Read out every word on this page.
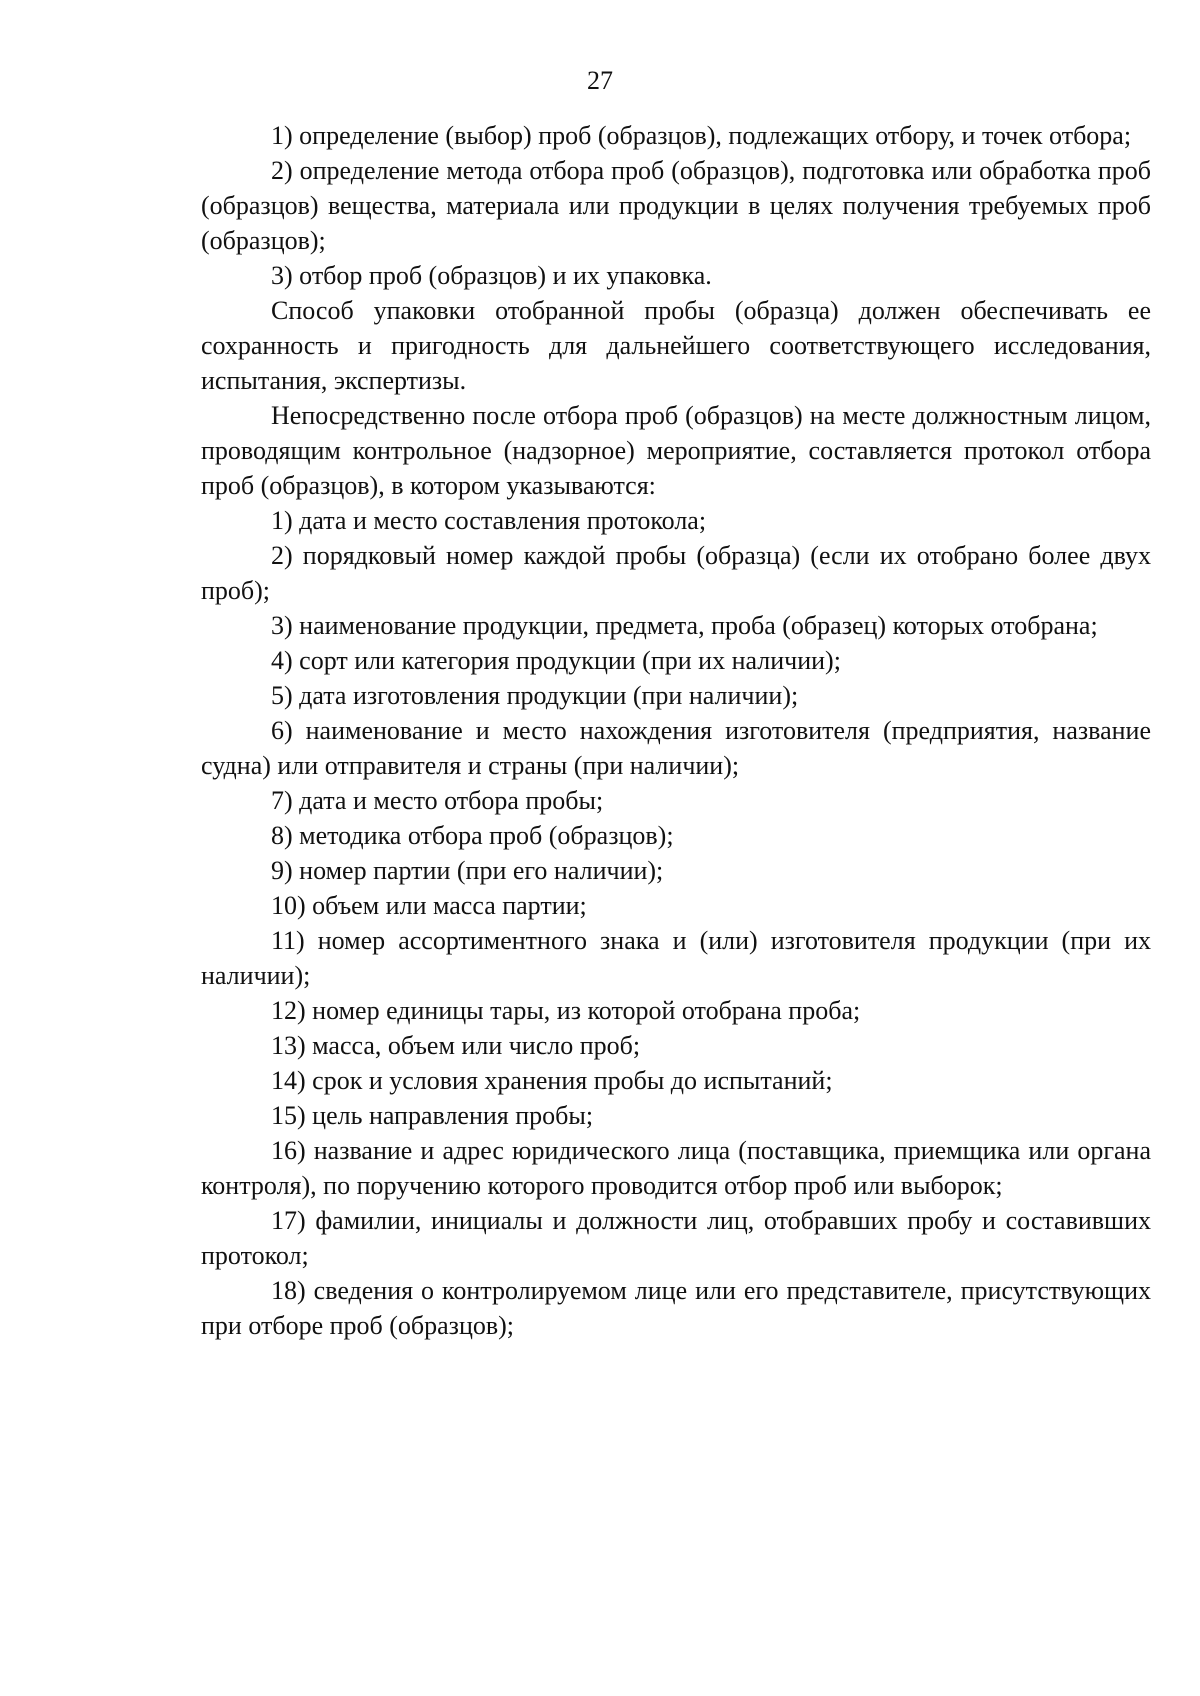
27

1) определение (выбор) проб (образцов), подлежащих отбору, и точек отбора;

2) определение метода отбора проб (образцов), подготовка или обработка проб (образцов) вещества, материала или продукции в целях получения требуемых проб (образцов);

3) отбор проб (образцов) и их упаковка.

Способ упаковки отобранной пробы (образца) должен обеспечивать ее сохранность и пригодность для дальнейшего соответствующего исследования, испытания, экспертизы.

Непосредственно после отбора проб (образцов) на месте должностным лицом, проводящим контрольное (надзорное) мероприятие, составляется протокол отбора проб (образцов), в котором указываются:

1) дата и место составления протокола;

2) порядковый номер каждой пробы (образца) (если их отобрано более двух проб);

3) наименование продукции, предмета, проба (образец) которых отобрана;

4) сорт или категория продукции (при их наличии);

5) дата изготовления продукции (при наличии);

6) наименование и место нахождения изготовителя (предприятия, название судна) или отправителя и страны (при наличии);

7) дата и место отбора пробы;

8) методика отбора проб (образцов);

9) номер партии (при его наличии);

10) объем или масса партии;

11) номер ассортиментного знака и (или) изготовителя продукции (при их наличии);

12) номер единицы тары, из которой отобрана проба;

13) масса, объем или число проб;

14) срок и условия хранения пробы до испытаний;

15) цель направления пробы;

16) название и адрес юридического лица (поставщика, приемщика или органа контроля), по поручению которого проводится отбор проб или выборок;

17) фамилии, инициалы и должности лиц, отобравших пробу и составивших протокол;

18) сведения о контролируемом лице или его представителе, присутствующих при отборе проб (образцов);
